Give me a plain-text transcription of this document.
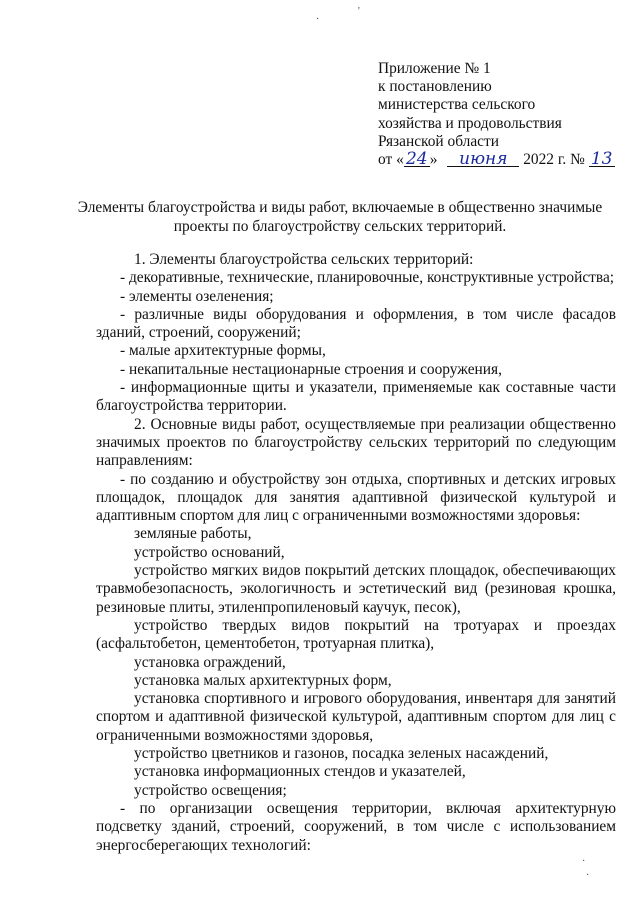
·
'
Приложение № 1
к постановлению
министерства сельского
хозяйства и продовольствия
Рязанской области
от « 24 » июня 2022 г. № 13
Элементы благоустройства и виды работ, включаемые в общественно значимые
проекты по благоустройству сельских территорий.

1. Элементы благоустройства сельских территорий:

- декоративные, технические, планировочные, конструктивные устройства;

- элементы озеленения;

- различные виды оборудования и оформления, в том числе фасадов зданий, строений, сооружений;

- малые архитектурные формы,

- некапитальные нестационарные строения и сооружения,

- информационные щиты и указатели, применяемые как составные части благоустройства территории.

2. Основные виды работ, осуществляемые при реализации общественно значимых проектов по благоустройству сельских территорий по следующим направлениям:

- по созданию и обустройству зон отдыха, спортивных и детских игровых площадок, площадок для занятия адаптивной физической культурой и адаптивным спортом для лиц с ограниченными возможностями здоровья:

земляные работы,

устройство оснований,

устройство мягких видов покрытий детских площадок, обеспечивающих травмобезопасность, экологичность и эстетический вид (резиновая крошка, резиновые плиты, этиленпропиленовый каучук, песок),

устройство твердых видов покрытий на тротуарах и проездах (асфальтобетон, цементобетон, тротуарная плитка),

установка ограждений,

установка малых архитектурных форм,

установка спортивного и игрового оборудования, инвентаря для занятий спортом и адаптивной физической культурой, адаптивным спортом для лиц с ограниченными возможностями здоровья,

устройство цветников и газонов, посадка зеленых насаждений,

установка информационных стендов и указателей,

устройство освещения;

- по организации освещения территории, включая архитектурную подсветку зданий, строений, сооружений, в том числе с использованием энергосберегающих технологий:

·
·
